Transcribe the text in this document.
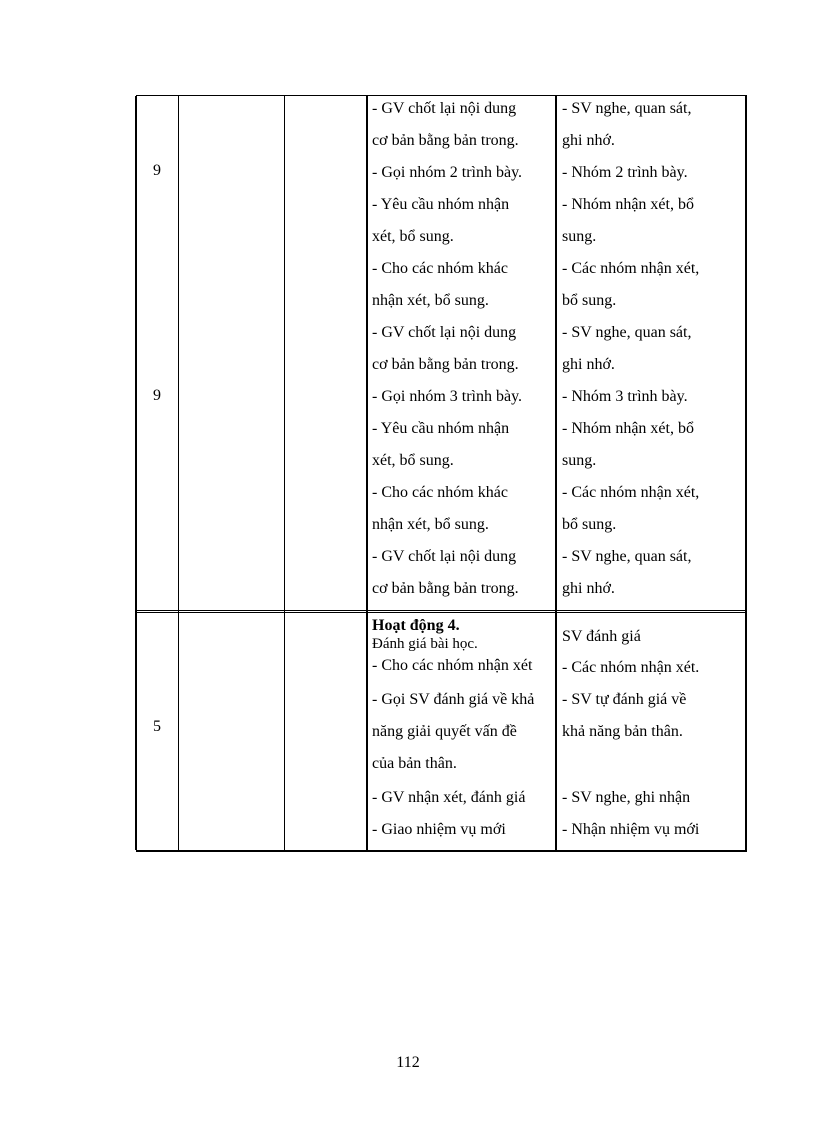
9
- GV chốt lại nội dung
cơ bản bằng bản trong.
- Gọi nhóm 2 trình bày.
- Yêu cầu nhóm nhận
xét, bổ sung.
- Cho các nhóm khác
nhận xét, bổ sung.
- SV nghe, quan sát,
ghi nhớ.
- Nhóm 2 trình bày.
- Nhóm nhận xét, bổ
sung.
- Các nhóm nhận xét,
bổ sung.
9
- GV chốt lại nội dung
cơ bản bằng bản trong.
- Gọi nhóm 3 trình bày.
- Yêu cầu nhóm nhận
xét, bổ sung.
- Cho các nhóm khác
nhận xét, bổ sung.
- GV chốt lại nội dung
cơ bản bằng bản trong.
- SV nghe, quan sát,
ghi nhớ.
- Nhóm 3 trình bày.
- Nhóm nhận xét, bổ
sung.
- Các nhóm nhận xét,
bổ sung.
- SV nghe, quan sát,
ghi nhớ.
5
Hoạt động 4.
Đánh giá bài học.
- Cho các nhóm nhận xét
- Gọi SV đánh giá về khả
năng giải quyết vấn đề
của bản thân.
- GV nhận xét, đánh giá
- Giao nhiệm vụ mới
SV đánh giá
- Các nhóm nhận xét.
- SV tự đánh giá về
khả năng bản thân.
- SV nghe, ghi nhận
- Nhận nhiệm vụ mới
112
